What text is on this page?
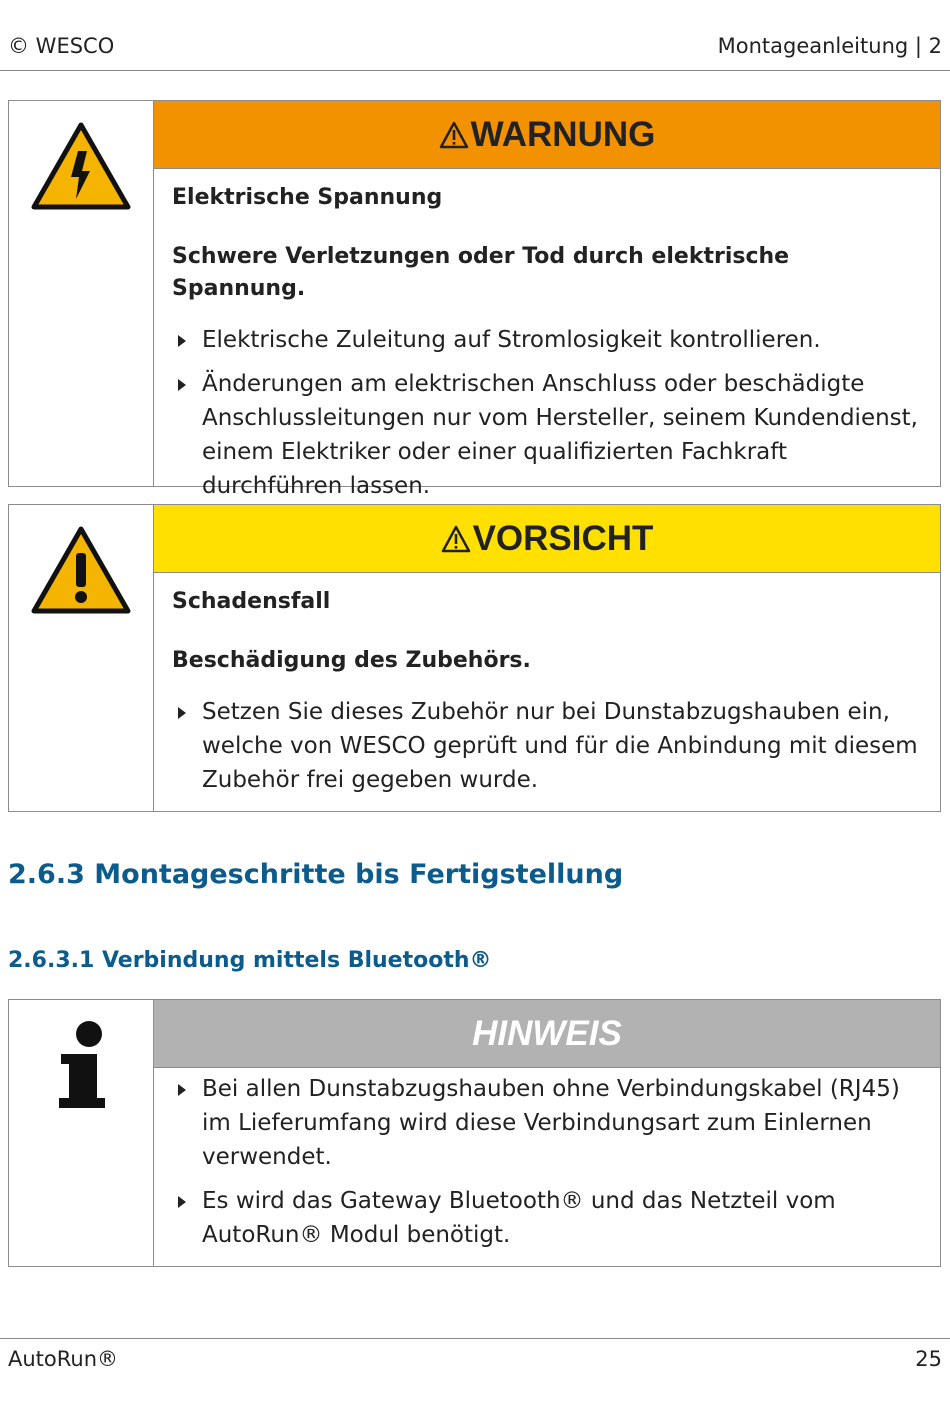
© WESCO	Montageanleitung | 2
WARNUNG
Elektrische Spannung
Schwere Verletzungen oder Tod durch elektrische Spannung.
Elektrische Zuleitung auf Stromlosigkeit kontrollieren.
Änderungen am elektrischen Anschluss oder beschädigte Anschlussleitungen nur vom Hersteller, seinem Kundendienst, einem Elektriker oder einer qualifizierten Fachkraft durchführen lassen.
VORSICHT
Schadensfall
Beschädigung des Zubehörs.
Setzen Sie dieses Zubehör nur bei Dunstabzugshauben ein, welche von WESCO geprüft und für die Anbindung mit diesem Zubehör frei gegeben wurde.
2.6.3 Montageschritte bis Fertigstellung
2.6.3.1 Verbindung mittels Bluetooth®
HINWEIS
Bei allen Dunstabzugshauben ohne Verbindungskabel (RJ45) im Lieferumfang wird diese Verbindungsart zum Einlernen verwendet.
Es wird das Gateway Bluetooth® und das Netzteil vom AutoRun® Modul benötigt.
AutoRun®	25
